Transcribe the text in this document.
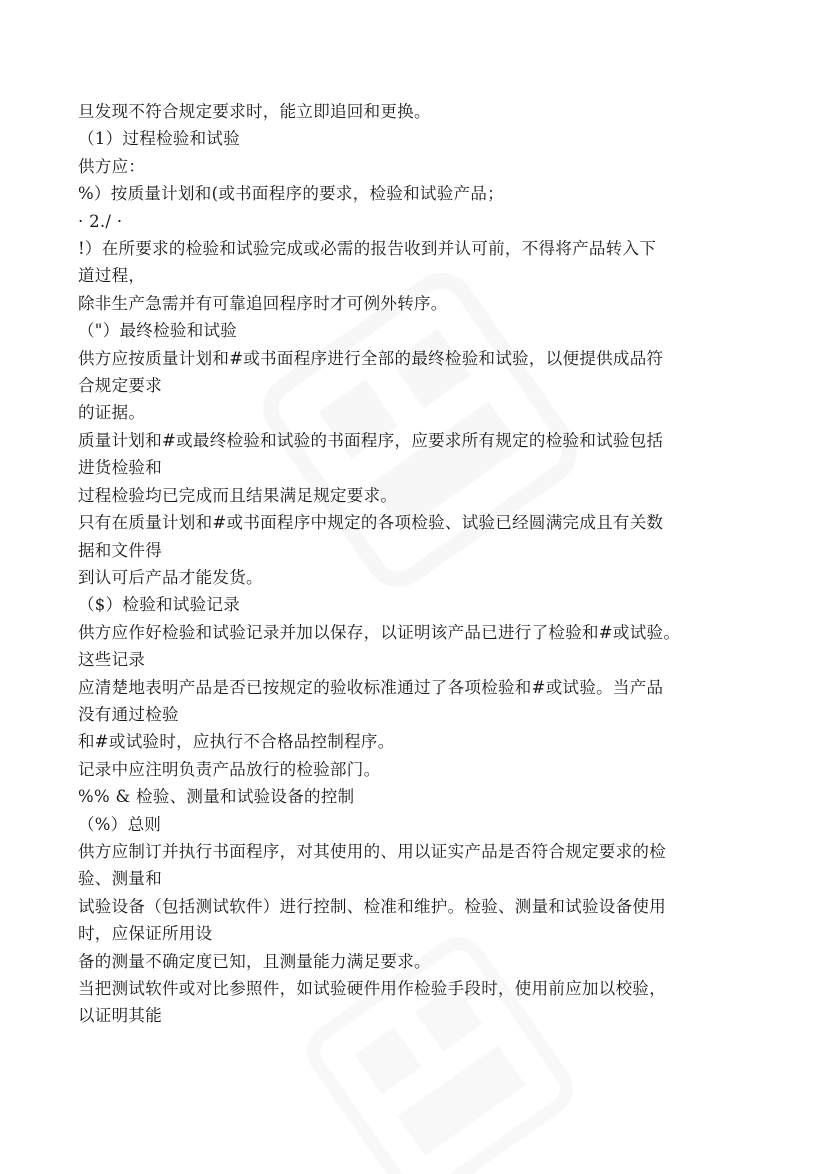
旦发现不符合规定要求时，能立即追回和更换。
（1）过程检验和试验
供方应：
%）按质量计划和(或书面程序的要求，检验和试验产品；
· 2./ ·
!）在所要求的检验和试验完成或必需的报告收到并认可前，不得将产品转入下
道过程，
除非生产急需并有可靠追回程序时才可例外转序。
（"）最终检验和试验
供方应按质量计划和#或书面程序进行全部的最终检验和试验，以便提供成品符
合规定要求
的证据。
质量计划和#或最终检验和试验的书面程序，应要求所有规定的检验和试验包括
进货检验和
过程检验均已完成而且结果满足规定要求。
只有在质量计划和#或书面程序中规定的各项检验、试验已经圆满完成且有关数
据和文件得
到认可后产品才能发货。
（$）检验和试验记录
供方应作好检验和试验记录并加以保存，以证明该产品已进行了检验和#或试验。
这些记录
应清楚地表明产品是否已按规定的验收标准通过了各项检验和#或试验。当产品
没有通过检验
和#或试验时，应执行不合格品控制程序。
记录中应注明负责产品放行的检验部门。
%% & 检验、测量和试验设备的控制
（%）总则
供方应制订并执行书面程序，对其使用的、用以证实产品是否符合规定要求的检
验、测量和
试验设备（包括测试软件）进行控制、检准和维护。检验、测量和试验设备使用
时，应保证所用设
备的测量不确定度已知，且测量能力满足要求。
当把测试软件或对比参照件，如试验硬件用作检验手段时，使用前应加以校验，
以证明其能
